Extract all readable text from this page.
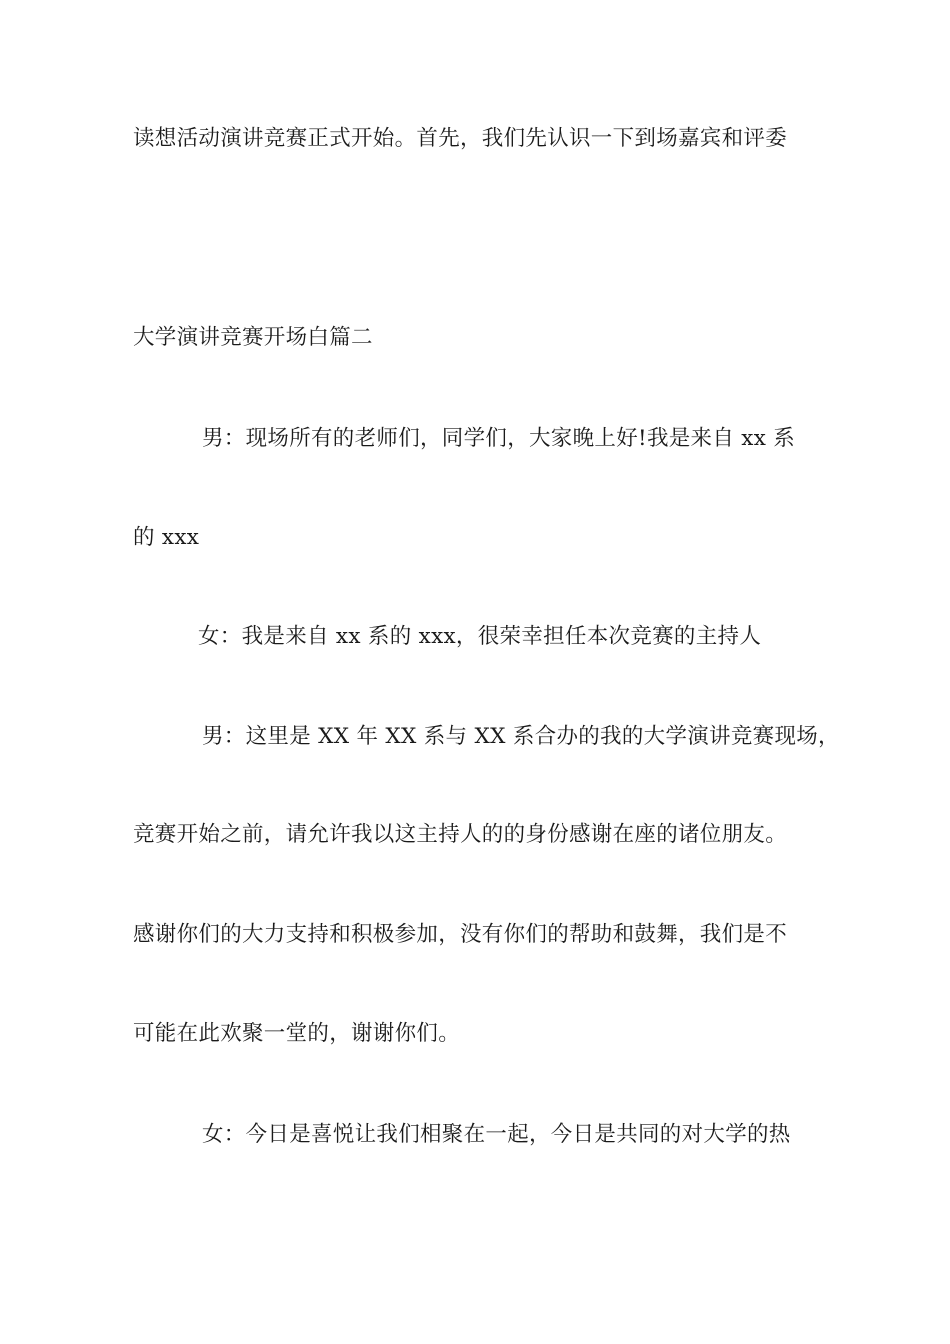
读想活动演讲竞赛正式开始。首先，我们先认识一下到场嘉宾和评委
大学演讲竞赛开场白篇二
男：现场所有的老师们，同学们，大家晚上好!我是来自 xx 系
的 xxx
女：我是来自 xx 系的 xxx，很荣幸担任本次竞赛的主持人
男：这里是 XX 年 XX 系与 XX 系合办的我的大学演讲竞赛现场，
竞赛开始之前，请允许我以这主持人的的身份感谢在座的诸位朋友。
感谢你们的大力支持和积极参加，没有你们的帮助和鼓舞，我们是不
可能在此欢聚一堂的，谢谢你们。
女：今日是喜悦让我们相聚在一起，今日是共同的对大学的热
